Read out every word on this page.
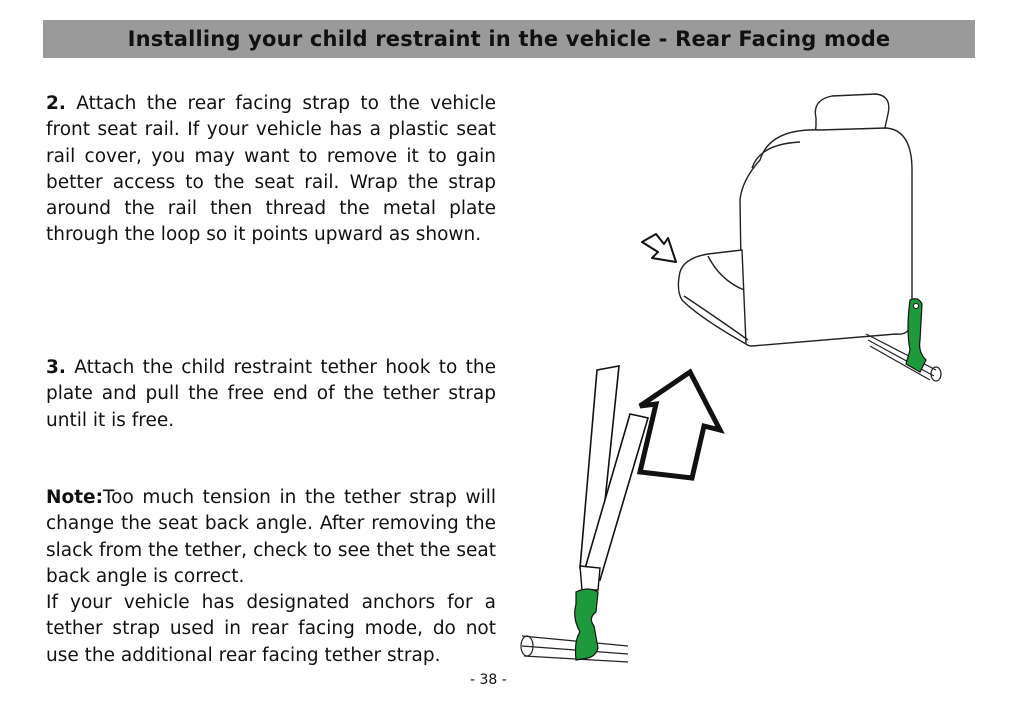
Installing your child restraint in the vehicle - Rear Facing mode
2. Attach the rear facing strap to the vehicle front seat rail. If your vehicle has a plastic seat rail cover, you may want to remove it to gain better access to the seat rail. Wrap the strap around the rail then thread the metal plate through the loop so it points upward as shown.
3. Attach the child restraint tether hook to the plate and pull the free end of the tether strap until it is free.
Note:Too much tension in the tether strap will change the seat back angle. After removing the slack from the tether, check to see thet the seat back angle is correct.
If your vehicle has designated anchors for a tether strap used in rear facing mode, do not use the additional rear facing tether strap.
- 38 -
